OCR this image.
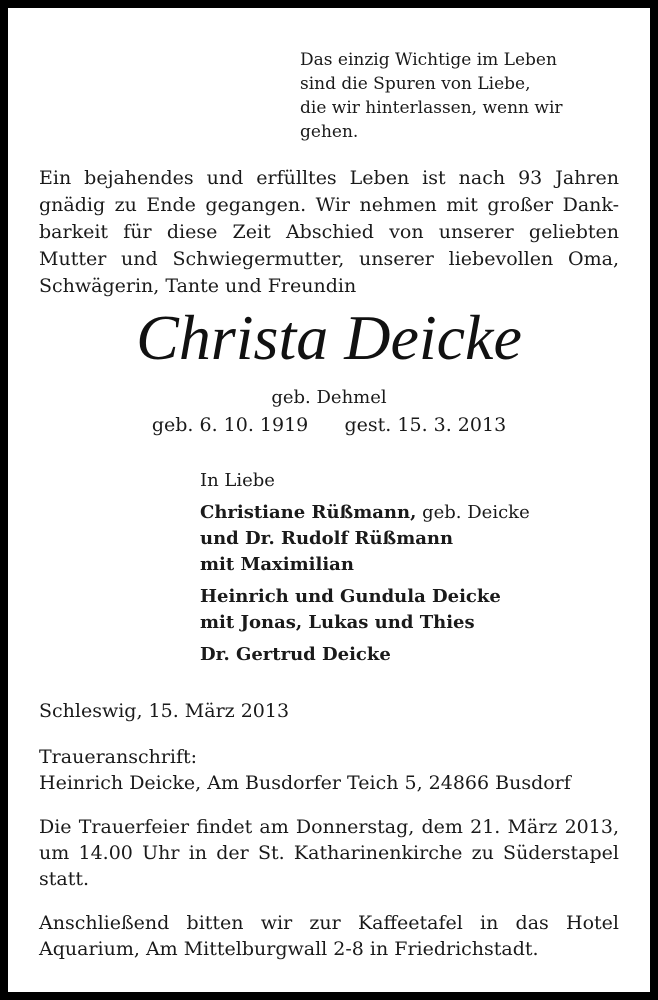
Das einzig Wichtige im Leben
sind die Spuren von Liebe,
die wir hinterlassen, wenn wir
gehen.
Ein bejahendes und erfülltes Leben ist nach 93 Jahren
gnädig zu Ende gegangen. Wir nehmen mit großer Dank-
barkeit für diese Zeit Abschied von unserer geliebten
Mutter und Schwiegermutter, unserer liebevollen Oma,
Schwägerin, Tante und Freundin
Christa Deicke
geb. Dehmel
geb. 6. 10. 1919 gest. 15. 3. 2013
In Liebe
Christiane Rüßmann, geb. Deicke
und Dr. Rudolf Rüßmann
mit Maximilian
Heinrich und Gundula Deicke
mit Jonas, Lukas und Thies
Dr. Gertrud Deicke
Schleswig, 15. März 2013
Traueranschrift:
Heinrich Deicke, Am Busdorfer Teich 5, 24866 Busdorf
Die Trauerfeier findet am Donnerstag, dem 21. März 2013,
um 14.00 Uhr in der St. Katharinenkirche zu Süderstapel
statt.
Anschließend bitten wir zur Kaffeetafel in das Hotel
Aquarium, Am Mittelburgwall 2-8 in Friedrichstadt.
